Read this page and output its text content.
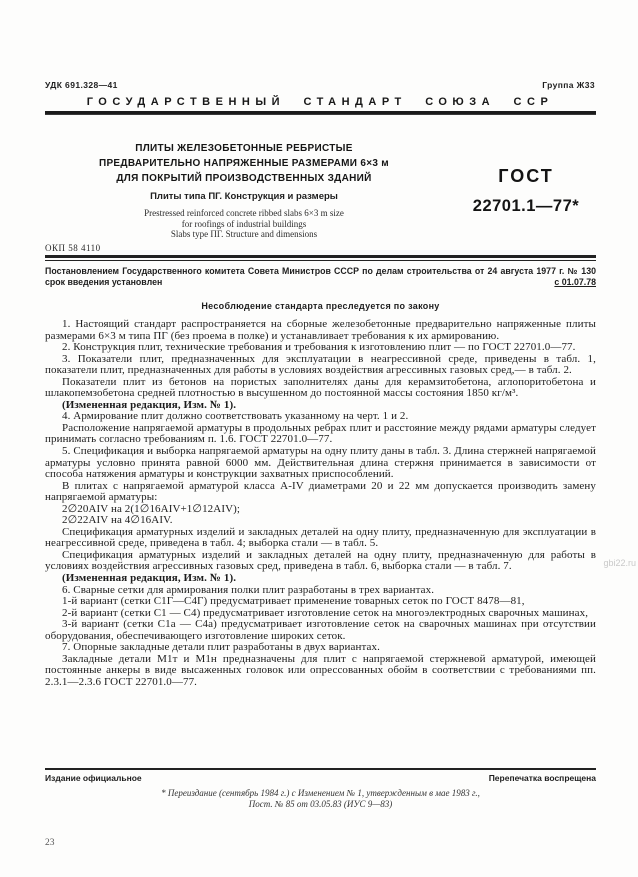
УДК 691.328—41	Группа Ж33
ГОСУДАРСТВЕННЫЙ СТАНДАРТ СОЮЗА ССР
ПЛИТЫ ЖЕЛЕЗОБЕТОННЫЕ РЕБРИСТЫЕ
ПРЕДВАРИТЕЛЬНО НАПРЯЖЕННЫЕ РАЗМЕРАМИ 6×3 м
ДЛЯ ПОКРЫТИЙ ПРОИЗВОДСТВЕННЫХ ЗДАНИЙ
Плиты типа ПГ. Конструкция и размеры
Prestressed reinforced concrete ribbed slabs 6×3 m size
for roofings of industrial buildings
Slabs type ПГ. Structure and dimensions
ГОСТ
22701.1—77*
ОКП 58 4110
Постановлением Государственного комитета Совета Министров СССР по делам строительства от 24 августа 1977 г. № 130 срок введения установлен	с 01.07.78
Несоблюдение стандарта преследуется по закону

1. Настоящий стандарт распространяется на сборные железобетонные предварительно напряженные плиты размерами 6×3 м типа ПГ (без проема в полке) и устанавливает требования к их армированию.

2. Конструкция плит, технические требования и требования к изготовлению плит — по ГОСТ 22701.0—77.

3. Показатели плит, предназначенных для эксплуатации в неагрессивной среде, приведены в табл. 1, показатели плит, предназначенных для работы в условиях воздействия агрессивных газовых сред,— в табл. 2.

Показатели плит из бетонов на пористых заполнителях даны для керамзитобетона, аглопоритобетона и шлакопемзобетона средней плотностью в высушенном до постоянной массы состояния 1850 кг/м³.

(Измененная редакция, Изм. № 1).

4. Армирование плит должно соответствовать указанному на черт. 1 и 2.

Расположение напрягаемой арматуры в продольных ребрах плит и расстояние между рядами арматуры следует принимать согласно требованиям п. 1.6. ГОСТ 22701.0—77.

5. Спецификация и выборка напрягаемой арматуры на одну плиту даны в табл. 3. Длина стержней напрягаемой арматуры условно принята равной 6000 мм. Действительная длина стержня принимается в зависимости от способа натяжения арматуры и конструкции захватных приспособлений.

В плитах с напрягаемой арматурой класса А-IV диаметрами 20 и 22 мм допускается производить замену напрягаемой арматуры:

2∅20АIV на 2(1∅16АIV+1∅12АIV);

2∅22АIV на 4∅16АIV.

Спецификация арматурных изделий и закладных деталей на одну плиту, предназначенную для эксплуатации в неагрессивной среде, приведена в табл. 4; выборка стали — в табл. 5.

Спецификация арматурных изделий и закладных деталей на одну плиту, предназначенную для работы в условиях воздействия агрессивных газовых сред, приведена в табл. 6, выборка стали — в табл. 7.

(Измененная редакция, Изм. № 1).

6. Сварные сетки для армирования полки плит разработаны в трех вариантах.

1-й вариант (сетки С1Г—С4Г) предусматривает применение товарных сеток по ГОСТ 8478—81,

2-й вариант (сетки С1 — С4) предусматривает изготовление сеток на многоэлектродных сварочных машинах,

3-й вариант (сетки С1а — С4а) предусматривает изготовление сеток на сварочных машинах при отсутствии оборудования, обеспечивающего изготовление широких сеток.

7. Опорные закладные детали плит разработаны в двух вариантах.

Закладные детали М1т и М1н предназначены для плит с напрягаемой стержневой арматурой, имеющей постоянные анкеры в виде высаженных головок или опрессованных обойм в соответствии с требованиями пп. 2.3.1—2.3.6 ГОСТ 22701.0—77.

Издание официальное	Перепечатка воспрещена
* Переиздание (сентябрь 1984 г.) с Изменением № 1, утвержденным в мае 1983 г.,
Пост. № 85 от 03.05.83 (ИУС 9—83)
23
gbi22.ru
